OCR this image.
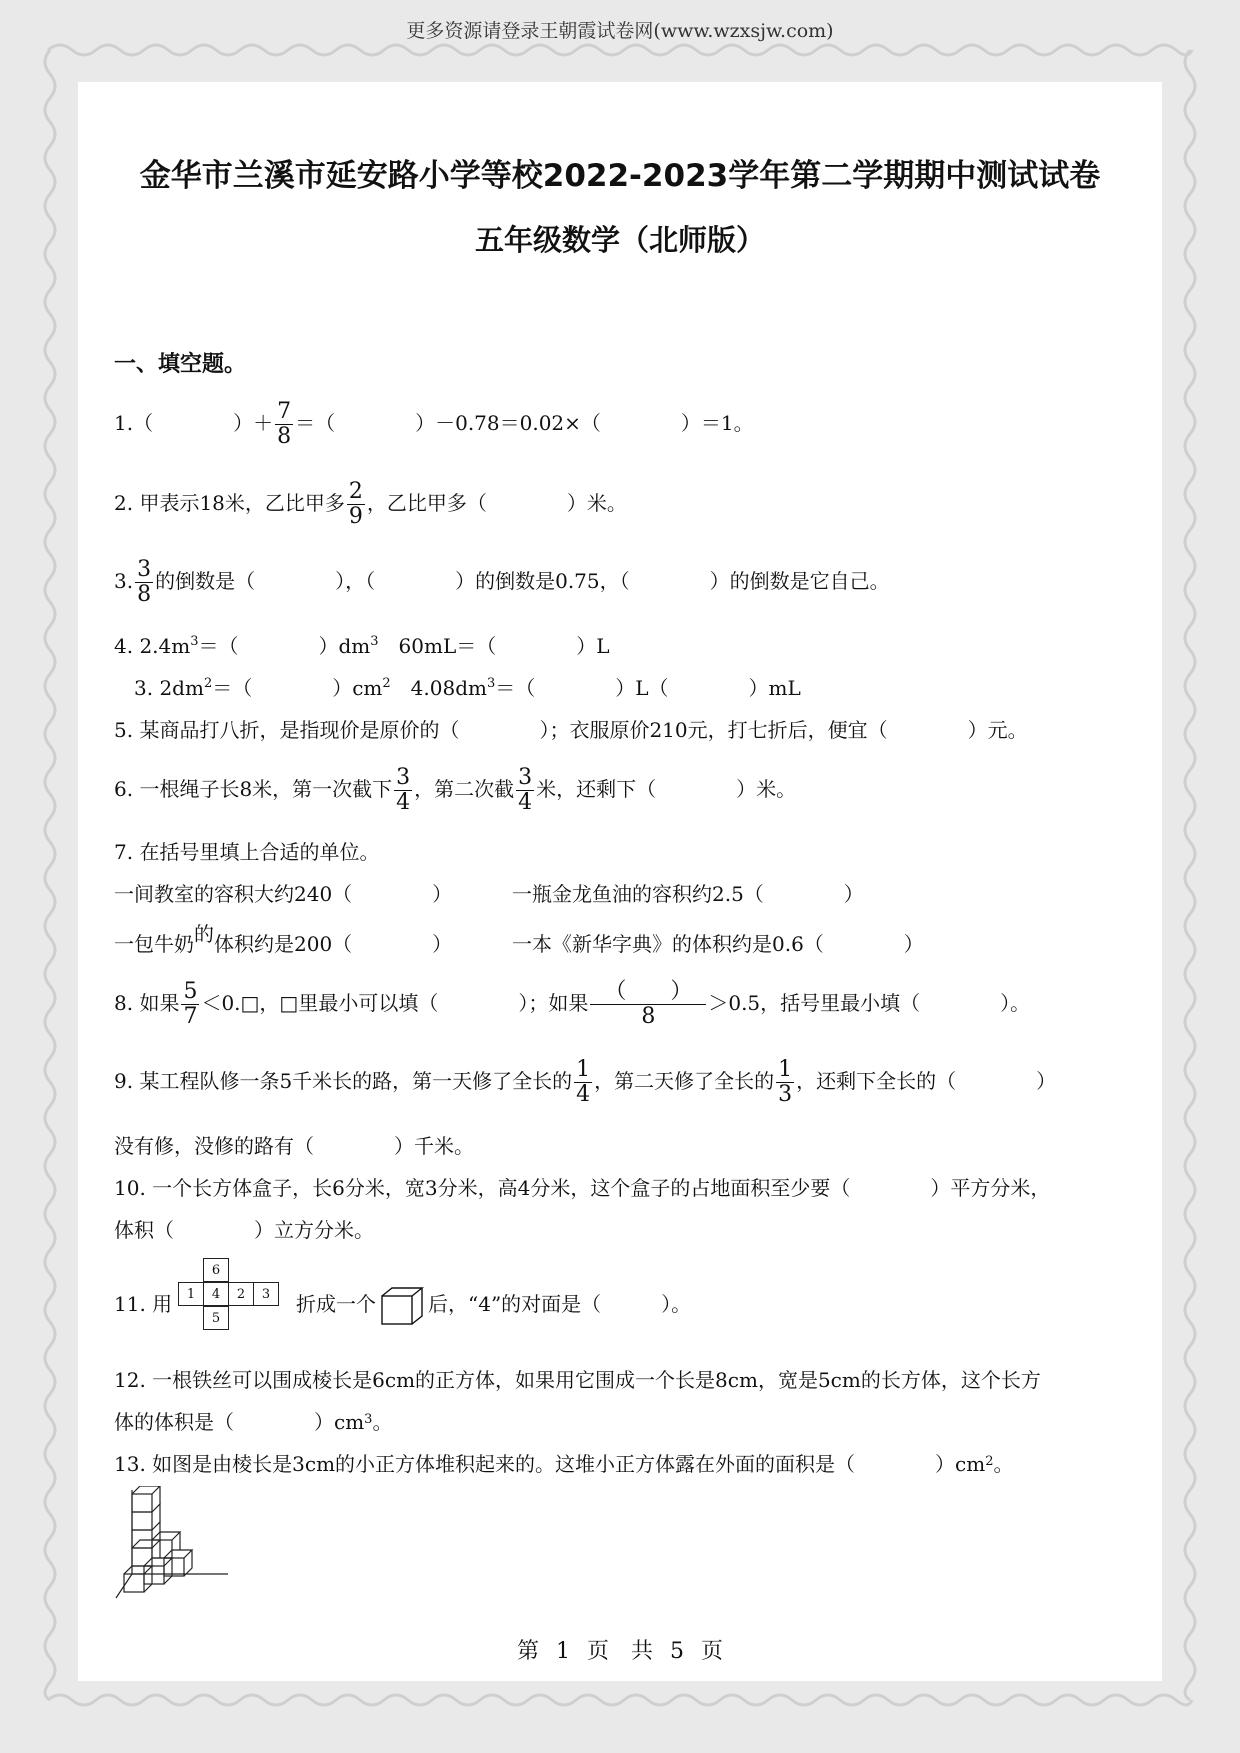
更多资源请登录王朝霞试卷网(www.wzxsjw.com)
金华市兰溪市延安路小学等校2022-2023学年第二学期期中测试试卷
五年级数学（北师版）
一、填空题。
1.（　　　　）＋ $\frac{7}{8}$ ＝（　　　　）－0.78＝0.02×（　　　　）＝1。
2. 甲表示18米，乙比甲多 $\frac{2}{9}$ ，乙比甲多（　　　　）米。
3. $\frac{3}{8}$ 的倒数是（　　　　），（　　　　）的倒数是0.75，（　　　　）的倒数是它自己。
4. $2.4m^3=$（　　　　）$dm^3$　60mL＝（　　　　）L
3. $2dm^2=$（　　　　）$cm^2$　$4.08dm^3=$（　　　　）L（　　　　）mL
5. 某商品打八折，是指现价是原价的（　　　　）；衣服原价210元，打七折后，便宜（　　　　）元。
6. 一根绳子长8米，第一次截下 $\frac{3}{4}$ ，第二次截 $\frac{3}{4}$ 米，还剩下（　　　　）米。
7. 在括号里填上合适的单位。
一间教室的容积大约240（　　　　）	一瓶金龙鱼油的容积约2.5（　　　　）
一包牛奶的体积约是200（　　　　）	一本《新华字典》的体积约是0.6（　　　　）
8. 如果 $\frac{5}{7}$ ＜0.□，□里最小可以填（　　　　）；如果 $\frac{( )}{8} >0.5$，括号里最小填（　　　　）。
9. 某工程队修一条5千米长的路，第一天修了全长的 $\frac{1}{4}$ ，第二天修了全长的 $\frac{1}{3}$ ，还剩下全长的（　　　　）
没有修，没修的路有（　　　　）千米。
10. 一个长方体盒子，长6分米，宽3分米，高4分米，这个盒子的占地面积至少要（　　　　）平方分米，
体积（　　　　）立方分米。
11. 用	1	4	2	3
6
5
折成一个	后，“4”的对面是（　　　）。
12. 一根铁丝可以围成棱长是6cm的正方体，如果用它围成一个长是8cm，宽是5cm的长方体，这个长方
体的体积是（　　　　）$cm^3$。
13. 如图是由棱长是3cm的小正方体堆积起来的。这堆小正方体露在外面的面积是（　　　　）$cm^2$。
第 1 页　共 5 页
